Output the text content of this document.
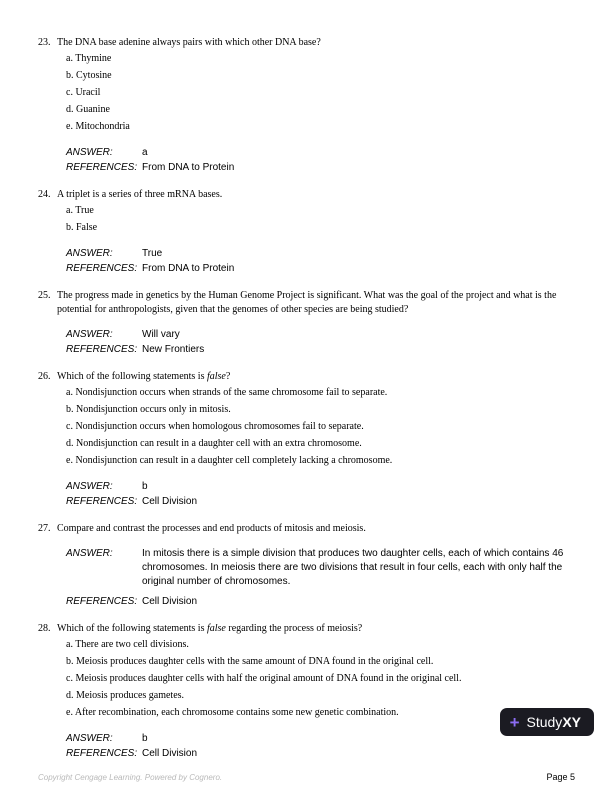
23. The DNA base adenine always pairs with which other DNA base?
a. Thymine
b. Cytosine
c. Uracil
d. Guanine
e. Mitochondria
ANSWER:	a
REFERENCES: From DNA to Protein
24. A triplet is a series of three mRNA bases.
a. True
b. False
ANSWER:	True
REFERENCES: From DNA to Protein
25. The progress made in genetics by the Human Genome Project is significant. What was the goal of the project and what is the potential for anthropologists, given that the genomes of other species are being studied?
ANSWER:	Will vary
REFERENCES: New Frontiers
26. Which of the following statements is false?
a. Nondisjunction occurs when strands of the same chromosome fail to separate.
b. Nondisjunction occurs only in mitosis.
c. Nondisjunction occurs when homologous chromosomes fail to separate.
d. Nondisjunction can result in a daughter cell with an extra chromosome.
e. Nondisjunction can result in a daughter cell completely lacking a chromosome.
ANSWER:	b
REFERENCES: Cell Division
27. Compare and contrast the processes and end products of mitosis and meiosis.
ANSWER:	In mitosis there is a simple division that produces two daughter cells, each of which contains 46 chromosomes. In meiosis there are two divisions that result in four cells, each with only half the original number of chromosomes.
REFERENCES: Cell Division
28. Which of the following statements is false regarding the process of meiosis?
a. There are two cell divisions.
b. Meiosis produces daughter cells with the same amount of DNA found in the original cell.
c. Meiosis produces daughter cells with half the original amount of DNA found in the original cell.
d. Meiosis produces gametes.
e. After recombination, each chromosome contains some new genetic combination.
ANSWER:	b
REFERENCES: Cell Division
+ StudyXY
Copyright Cengage Learning. Powered by Cognero.	Page 5
